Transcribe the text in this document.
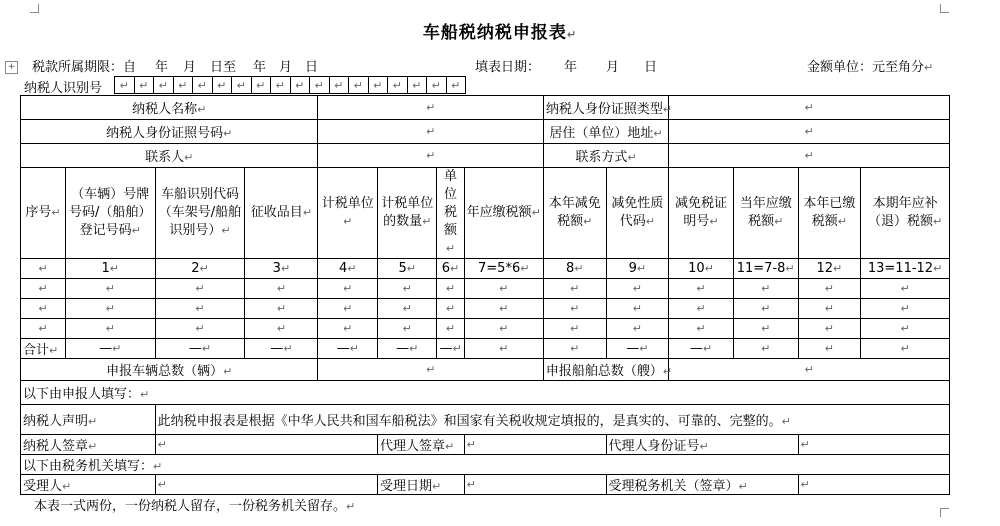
车船税纳税申报表↵
+ 税款所属期限：自 年 月 日至 年 月 日	填表日期： 年 月 日	金额单位：元至角分↵
纳税人识别号 ↵	↵	↵	↵	↵	↵	↵	↵	↵	↵	↵	↵	↵	↵	↵	↵	↵	↵
纳税人名称↵				↵				纳税人身份证照类型↵		↵			
纳税人身份证照号码↵				↵				居住（单位）地址↵		↵			
联系人↵				↵				联系方式↵		↵			
序号↵	（车辆）号牌号码/（船舶）登记号码↵	车船识别代码（车架号/船舶识别号）↵	征收品目↵	计税单位↵	计税单位的数量↵	单位税额↵	年应缴税额↵	本年减免税额↵	减免性质代码↵	减免税证明号↵	当年应缴税额↵	本年已缴税额↵	本期年应补（退）税额↵
↵	1↵	2↵	3↵	4↵	5↵	6↵	7=5*6↵	8↵	9↵	10↵	11=7-8↵	12↵	13=11-12↵
↵	↵	↵	↵	↵	↵	↵	↵	↵	↵	↵	↵	↵	↵
↵	↵	↵	↵	↵	↵	↵	↵	↵	↵	↵	↵	↵	↵
↵	↵	↵	↵	↵	↵	↵	↵	↵	↵	↵	↵	↵	↵
合计↵	—↵	—↵	—↵	—↵	—↵	—↵	↵	↵	—↵	—↵	↵	↵	↵
申报车辆总数（辆）↵				↵				申报船舶总数（艘）↵		↵			
以下由申报人填写：↵													
纳税人声明↵		此纳税申报表是根据《中华人民共和国车船税法》和国家有关税收规定填报的，是真实的、可靠的、完整的。↵											
纳税人签章↵		↵			代理人签章↵		↵		代理人身份证号↵			↵	
以下由税务机关填写：↵													
受理人↵		↵			受理日期↵		↵		受理税务机关（签章）↵			↵	
本表一式两份，一份纳税人留存，一份税务机关留存。↵
